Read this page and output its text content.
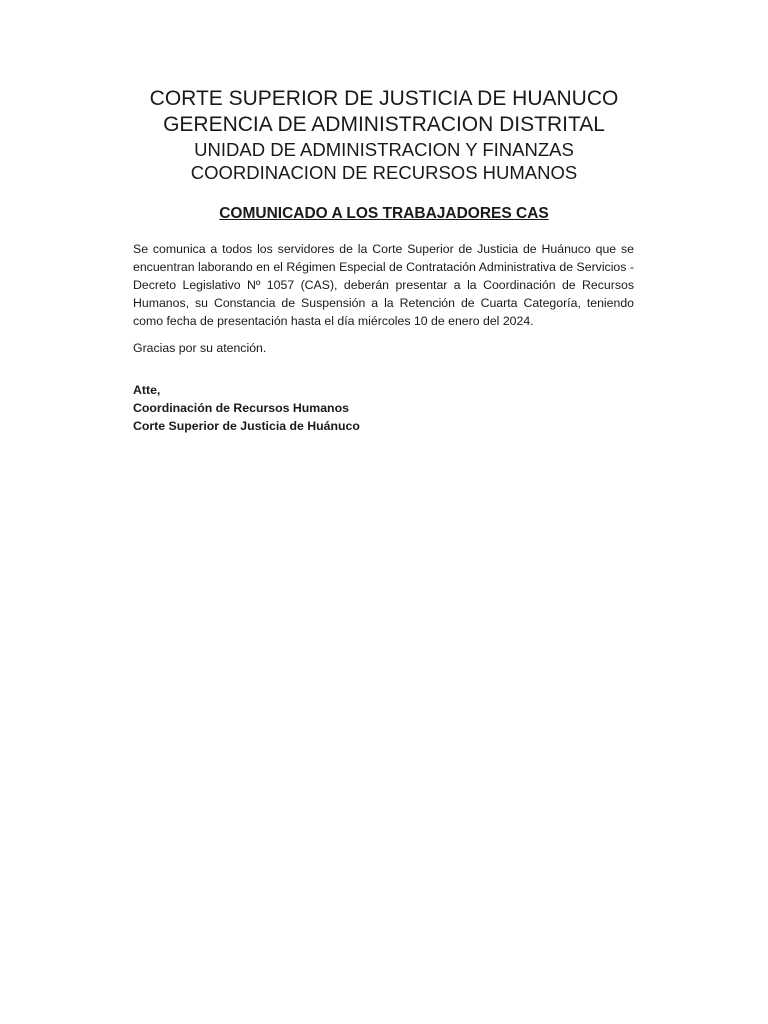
CORTE SUPERIOR DE JUSTICIA DE HUANUCO
GERENCIA DE ADMINISTRACION DISTRITAL
UNIDAD DE ADMINISTRACION Y FINANZAS
COORDINACION DE RECURSOS HUMANOS
COMUNICADO A LOS TRABAJADORES CAS

Se comunica a todos los servidores de la Corte Superior de Justicia de Huánuco que se encuentran laborando en el Régimen Especial de Contratación Administrativa de Servicios - Decreto Legislativo Nº 1057 (CAS), deberán presentar a la Coordinación de Recursos Humanos, su Constancia de Suspensión a la Retención de Cuarta Categoría, teniendo como fecha de presentación hasta el día miércoles 10 de enero del 2024.

Gracias por su atención.

Atte,
Coordinación de Recursos Humanos
Corte Superior de Justicia de Huánuco
